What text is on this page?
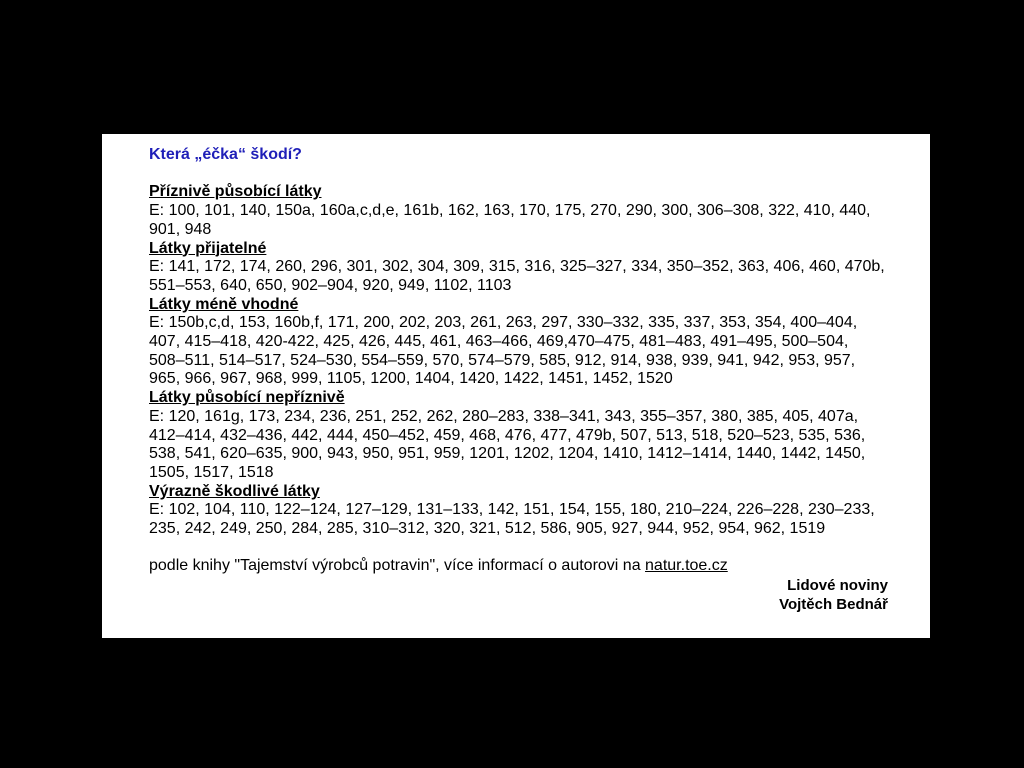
Která „éčka“ škodí?
Příznivě působící látky
E: 100, 101, 140, 150a, 160a,c,d,e, 161b, 162, 163, 170, 175, 270, 290, 300, 306–308, 322, 410, 440, 901, 948
Látky přijatelné
E: 141, 172, 174, 260, 296, 301, 302, 304, 309, 315, 316, 325–327, 334, 350–352, 363, 406, 460, 470b, 551–553, 640, 650, 902–904, 920, 949, 1102, 1103
Látky méně vhodné
E: 150b,c,d, 153, 160b,f, 171, 200, 202, 203, 261, 263, 297, 330–332, 335, 337, 353, 354, 400–404, 407, 415–418, 420-422, 425, 426, 445, 461, 463–466, 469,470–475, 481–483, 491–495, 500–504, 508–511, 514–517, 524–530, 554–559, 570, 574–579, 585, 912, 914, 938, 939, 941, 942, 953, 957, 965, 966, 967, 968, 999, 1105, 1200, 1404, 1420, 1422, 1451, 1452, 1520
Látky působící nepříznivě
E: 120, 161g, 173, 234, 236, 251, 252, 262, 280–283, 338–341, 343, 355–357, 380, 385, 405, 407a, 412–414, 432–436, 442, 444, 450–452, 459, 468, 476, 477, 479b, 507, 513, 518, 520–523, 535, 536, 538, 541, 620–635, 900, 943, 950, 951, 959, 1201, 1202, 1204, 1410, 1412–1414, 1440, 1442, 1450, 1505, 1517, 1518
Výrazně škodlivé látky
E: 102, 104, 110, 122–124, 127–129, 131–133, 142, 151, 154, 155, 180, 210–224, 226–228, 230–233, 235, 242, 249, 250, 284, 285, 310–312, 320, 321, 512, 586, 905, 927, 944, 952, 954, 962, 1519
podle knihy "Tajemství výrobců potravin", více informací o autorovi na natur.toe.cz
Lidové noviny
Vojtěch Bednář
